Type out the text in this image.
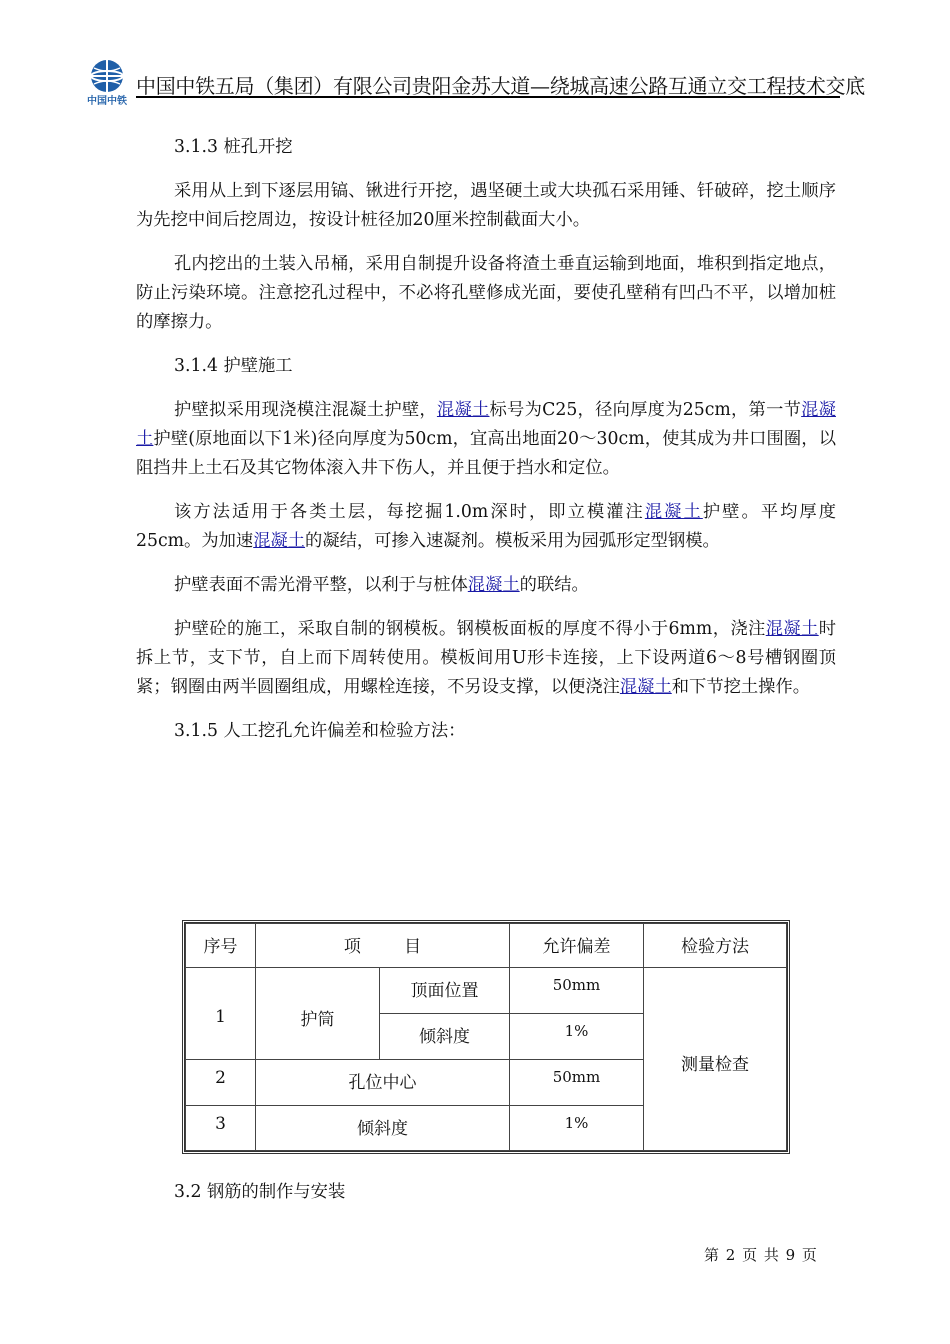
中国中铁
中国中铁五局（集团）有限公司贵阳金苏大道—绕城高速公路互通立交工程技术交底
3.1.3 桩孔开挖

采用从上到下逐层用镐、锹进行开挖，遇坚硬土或大块孤石采用锤、钎破碎，挖土顺序为先挖中间后挖周边，按设计桩径加20厘米控制截面大小。

孔内挖出的土装入吊桶，采用自制提升设备将渣土垂直运输到地面，堆积到指定地点，防止污染环境。注意挖孔过程中，不必将孔壁修成光面，要使孔壁稍有凹凸不平，以增加桩的摩擦力。

3.1.4 护壁施工

护壁拟采用现浇模注混凝土护壁，混凝土标号为C25，径向厚度为25cm，第一节混凝土护壁(原地面以下1米)径向厚度为50cm，宜高出地面20～30cm，使其成为井口围圈，以阻挡井上土石及其它物体滚入井下伤人，并且便于挡水和定位。

该方法适用于各类土层，每挖掘1.0m深时，即立模灌注混凝土护壁。平均厚度25cm。为加速混凝土的凝结，可掺入速凝剂。模板采用为园弧形定型钢模。

护壁表面不需光滑平整，以利于与桩体混凝土的联结。

护壁砼的施工，采取自制的钢模板。钢模板面板的厚度不得小于6mm，浇注混凝土时拆上节，支下节，自上而下周转使用。模板间用U形卡连接，上下设两道6～8号槽钢圈顶紧；钢圈由两半圆圈组成，用螺栓连接，不另设支撑，以便浇注混凝土和下节挖土操作。

3.1.5 人工挖孔允许偏差和检验方法：
序号	项        目		允许偏差	检验方法
1	护筒	顶面位置	50mm	测量检查
		倾斜度	1%	
2	孔位中心		50mm	
3	倾斜度		1%	
3.2 钢筋的制作与安装
第 2 页 共 9 页
